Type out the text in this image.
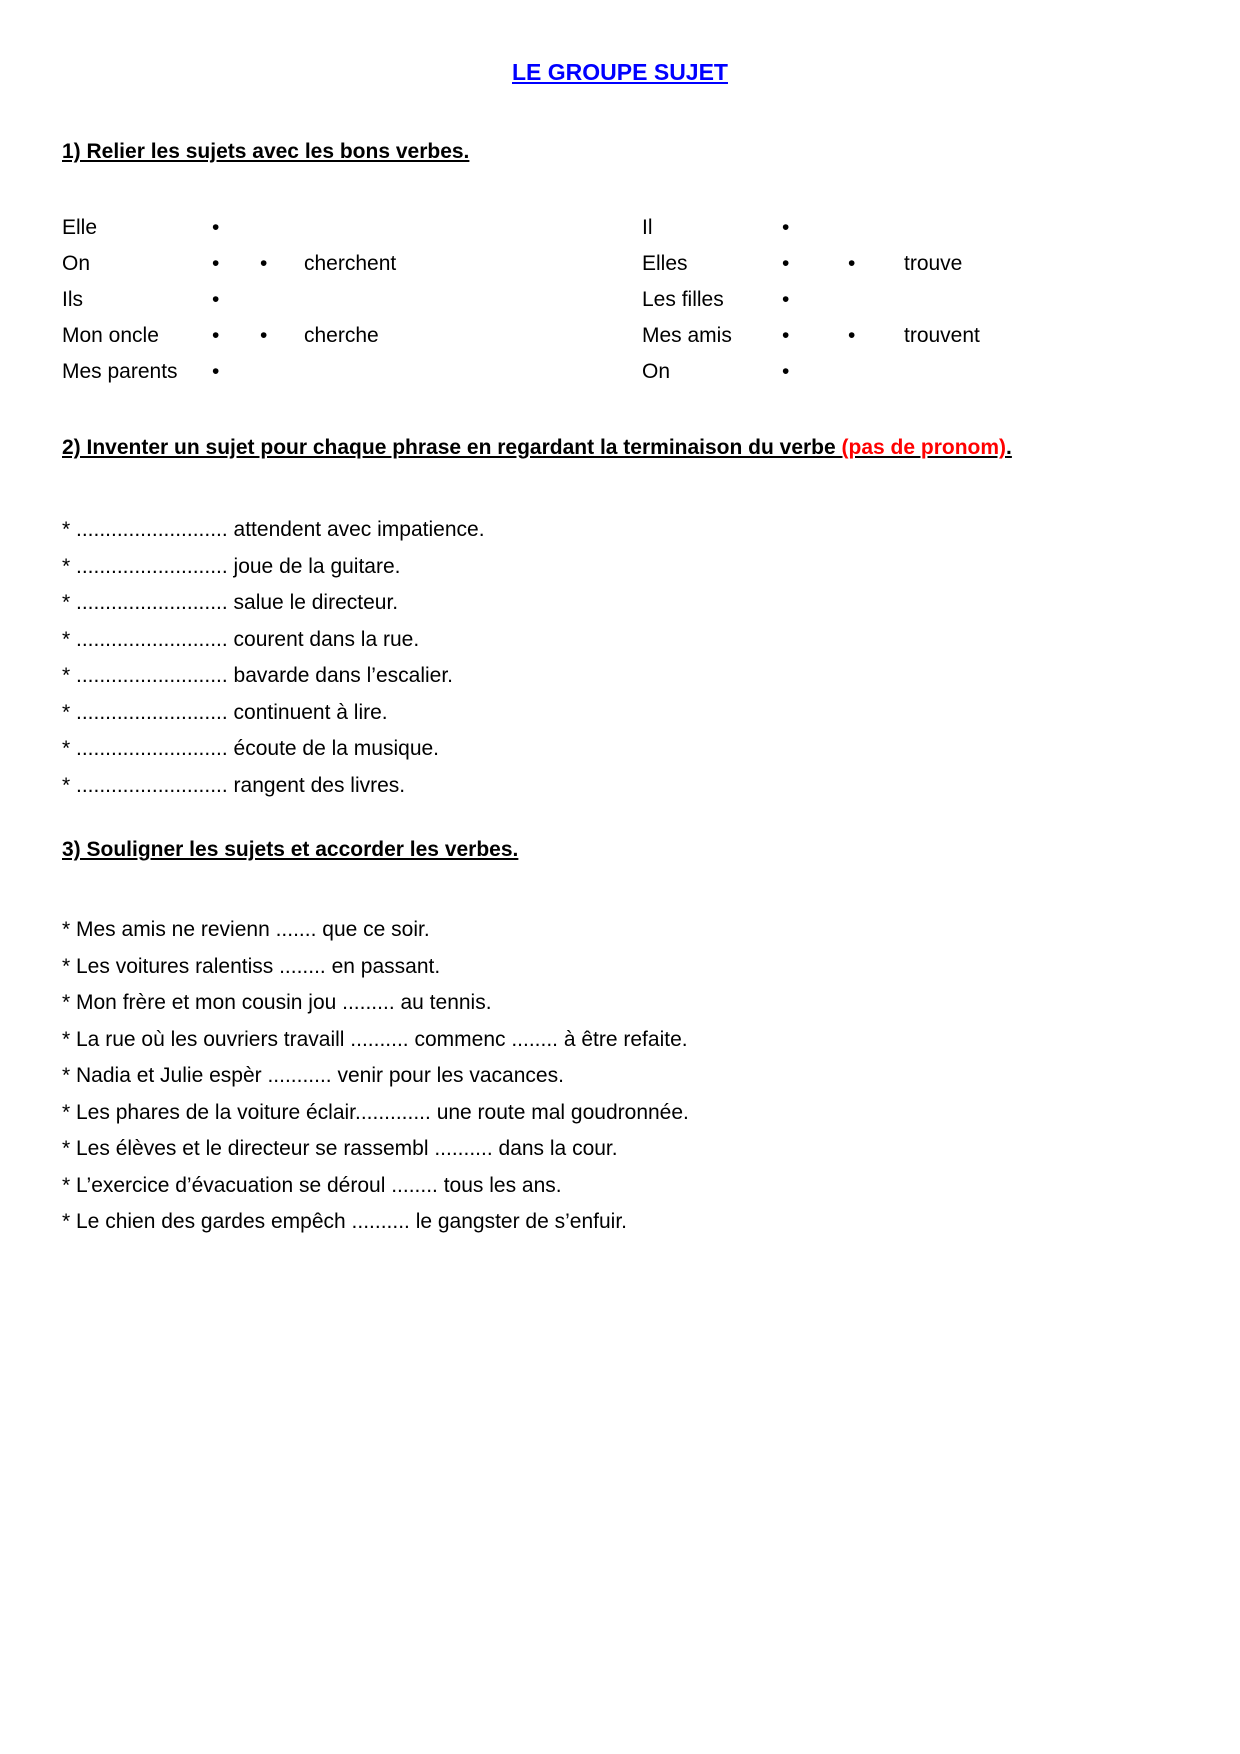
LE GROUPE SUJET
1) Relier les sujets avec les bons verbes.
Elle	•
On	•	•	cherchent
Ils	•
Mon oncle	•	•	cherche
Mes parents	•
Il	•
Elles	•	•	trouve
Les filles	•
Mes amis	•	•	trouvent
On	•
2) Inventer un sujet pour chaque phrase en regardant la terminaison du verbe (pas de pronom).
* .......................... attendent avec impatience.
* .......................... joue de la guitare.
* .......................... salue le directeur.
* .......................... courent dans la rue.
* .......................... bavarde dans l’escalier.
* .......................... continuent à lire.
* .......................... écoute de la musique.
* .......................... rangent des livres.
3) Souligner les sujets et accorder les verbes.
* Mes amis ne revienn ....... que ce soir.
* Les voitures ralentiss ........ en passant.
* Mon frère et mon cousin jou ......... au tennis.
* La rue où les ouvriers travaill .......... commenc ........ à être refaite.
* Nadia et Julie espèr ........... venir pour les vacances.
* Les phares de la voiture éclair............. une route mal goudronnée.
* Les élèves et le directeur se rassembl .......... dans la cour.
* L’exercice d’évacuation se déroul ........ tous les ans.
* Le chien des gardes empêch .......... le gangster de s’enfuir.
